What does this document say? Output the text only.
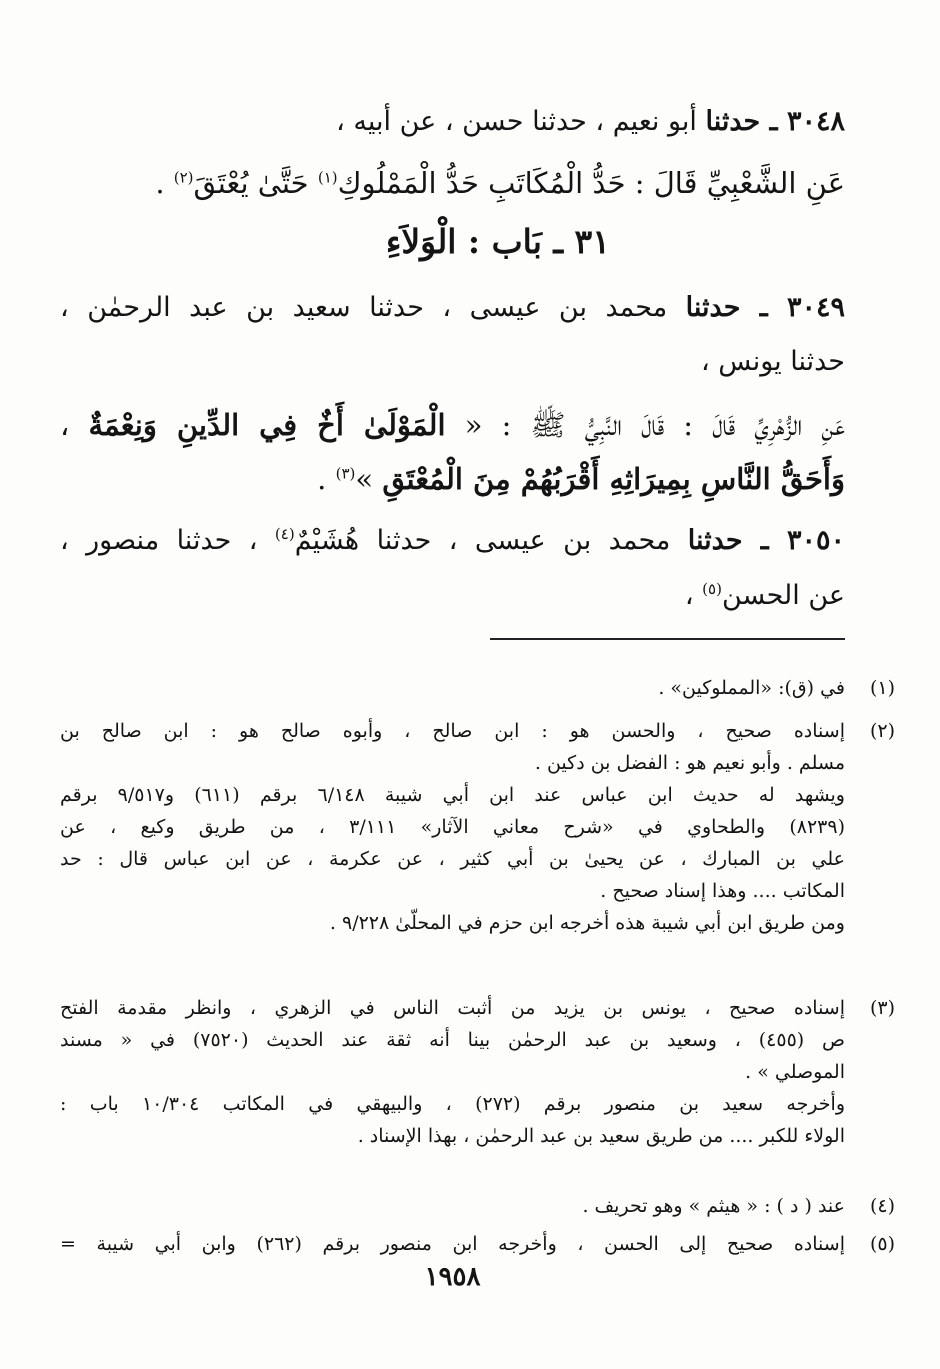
٣٠٤٨ ـ حدثنا أبو نعيم ، حدثنا حسن ، عن أبيه ،
عَنِ الشَّعْبِيِّ قَالَ : حَدُّ الْمُكَاتَبِ حَدُّ الْمَمْلُوكِ$^{(١)}$ حَتَّىٰ يُعْتَقَ$^{(٢)}$ .
٣١ ـ بَاب : الْوَلاَءِ
٣٠٤٩ ـ حدثنا محمد بن عيسى ، حدثنا سعيد بن عبد الرحمٰن ،
حدثنا يونس ،
عَنِ الزُّهْرِيِّ قَالَ : قَالَ النَّبِيُّ ﷺ : « الْمَوْلَىٰ أَخٌ فِي الدِّينِ وَنِعْمَةٌ ،
وَأَحَقُّ النَّاسِ بِمِيرَاثِهِ أَقْرَبُهُمْ مِنَ الْمُعْتَقِ »$^{(٣)}$ .
٣٠٥٠ ـ حدثنا محمد بن عيسى ، حدثنا هُشَيْمٌ$^{(٤)}$ ، حدثنا منصور ،
عن الحسن$^{(٥)}$ ،
(١)
في (ق): «المملوكين» .
(٢)
إسناده صحيح ، والحسن هو : ابن صالح ، وأبوه صالح هو : ابن صالح بن
مسلم . وأبو نعيم هو : الفضل بن دكين .
ويشهد له حديث ابن عباس عند ابن أبي شيبة ٦/١٤٨ برقم (٦١١) و٩/٥١٧ برقم
(٨٢٣٩) والطحاوي في «شرح معاني الآثار» ٣/١١١ ، من طريق وكيع ، عن
علي بن المبارك ، عن يحيىٰ بن أبي كثير ، عن عكرمة ، عن ابن عباس قال : حد
المكاتب .... وهذا إسناد صحيح .
ومن طريق ابن أبي شيبة هذه أخرجه ابن حزم في المحلّىٰ ٩/٢٢٨ .
(٣)
إسناده صحيح ، يونس بن يزيد من أثبت الناس في الزهري ، وانظر مقدمة الفتح
ص (٤٥٥) ، وسعيد بن عبد الرحمٰن بينا أنه ثقة عند الحديث (٧٥٢٠) في « مسند
الموصلي » .
وأخرجه سعيد بن منصور برقم (٢٧٢) ، والبيهقي في المكاتب ١٠/٣٠٤ باب :
الولاء للكبر .... من طريق سعيد بن عبد الرحمٰن ، بهذا الإسناد .
(٤)
عند ( د ) : « هيثم » وهو تحريف .
(٥)
إسناده صحيح إلى الحسن ، وأخرجه ابن منصور برقم (٢٦٢) وابن أبي شيبة =
١٩٥٨
